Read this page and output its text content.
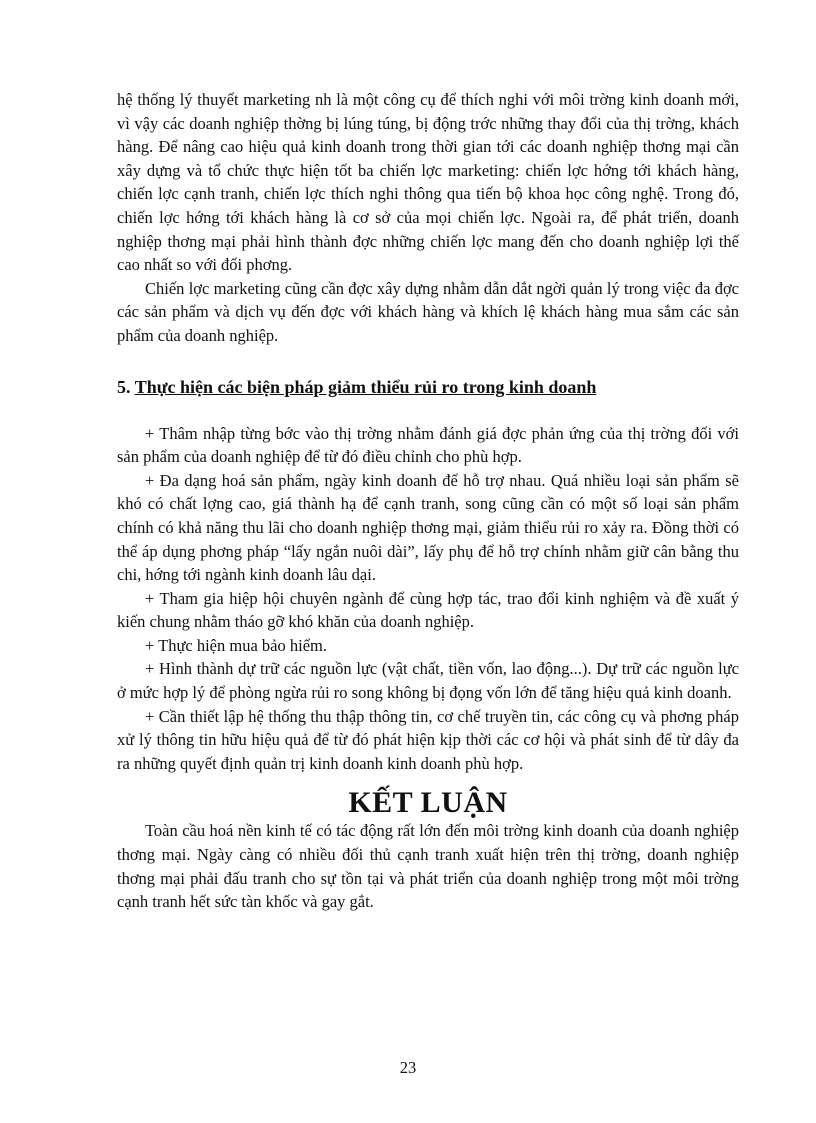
hệ thống lý thuyết marketing nh là một công cụ để thích nghi với môi trờng kinh doanh mới, vì vậy các doanh nghiệp thờng bị lúng túng, bị động trớc những thay đổi của thị trờng, khách hàng. Để nâng cao hiệu quả kinh doanh trong thời gian tới các doanh nghiệp thơng mại cần xây dựng và tổ chức thực hiện tốt ba chiến lợc marketing: chiến lợc hớng tới khách hàng, chiến lợc cạnh tranh, chiến lợc thích nghi thông qua tiến bộ khoa học công nghệ. Trong đó, chiến lợc hớng tới khách hàng là cơ sở của mọi chiến lợc. Ngoài ra, để phát triển, doanh nghiệp thơng mại phải hình thành đợc những chiến lợc mang đến cho doanh nghiệp lợi thế cao nhất so với đối phơng.

Chiến lợc marketing cũng cần đợc xây dựng nhằm dẫn dắt ngời quản lý trong việc đa đợc các sản phẩm và dịch vụ đến đợc với khách hàng và khích lệ khách hàng mua sắm các sản phẩm của doanh nghiệp.

5. Thực hiện các biện pháp giảm thiểu rủi ro trong kinh doanh

+ Thâm nhập từng bớc vào thị trờng nhằm đánh giá đợc phản ứng của thị trờng đối với sản phẩm của doanh nghiệp để từ đó điều chỉnh cho phù hợp.

+ Đa dạng hoá sản phẩm, ngày kinh doanh để hỗ trợ nhau. Quá nhiều loại sản phẩm sẽ khó có chất lợng cao, giá thành hạ để cạnh tranh, song cũng cần có một số loại sản phẩm chính có khả năng thu lãi cho doanh nghiệp thơng mại, giảm thiểu rủi ro xảy ra. Đồng thời có thể áp dụng phơng pháp “lấy ngắn nuôi dài”, lấy phụ để hỗ trợ chính nhằm giữ cân bằng thu chi, hớng tới ngành kinh doanh lâu dại.

+ Tham gia hiệp hội chuyên ngành để cùng hợp tác, trao đổi kinh nghiệm và đề xuất ý kiến chung nhằm tháo gỡ khó khăn của doanh nghiệp.

+ Thực hiện mua bảo hiểm.

+ Hình thành dự trữ các nguồn lực (vật chất, tiền vốn, lao động...). Dự trữ các nguồn lực ở mức hợp lý để phòng ngừa rủi ro song không bị đọng vốn lớn để tăng hiệu quả kinh doanh.

+ Cần thiết lập hệ thống thu thập thông tin, cơ chế truyền tin, các công cụ và phơng pháp xử lý thông tin hữu hiệu quả để từ đó phát hiện kịp thời các cơ hội và phát sinh để từ dây đa ra những quyết định quản trị kinh doanh kinh doanh phù hợp.

KẾT LUẬN

Toàn cầu hoá nền kinh tế có tác động rất lớn đến môi trờng kinh doanh của doanh nghiệp thơng mại. Ngày càng có nhiều đối thủ cạnh tranh xuất hiện trên thị trờng, doanh nghiệp thơng mại phải đấu tranh cho sự tồn tại và phát triển của doanh nghiệp trong một môi trờng cạnh tranh hết sức tàn khốc và gay gắt.

23
